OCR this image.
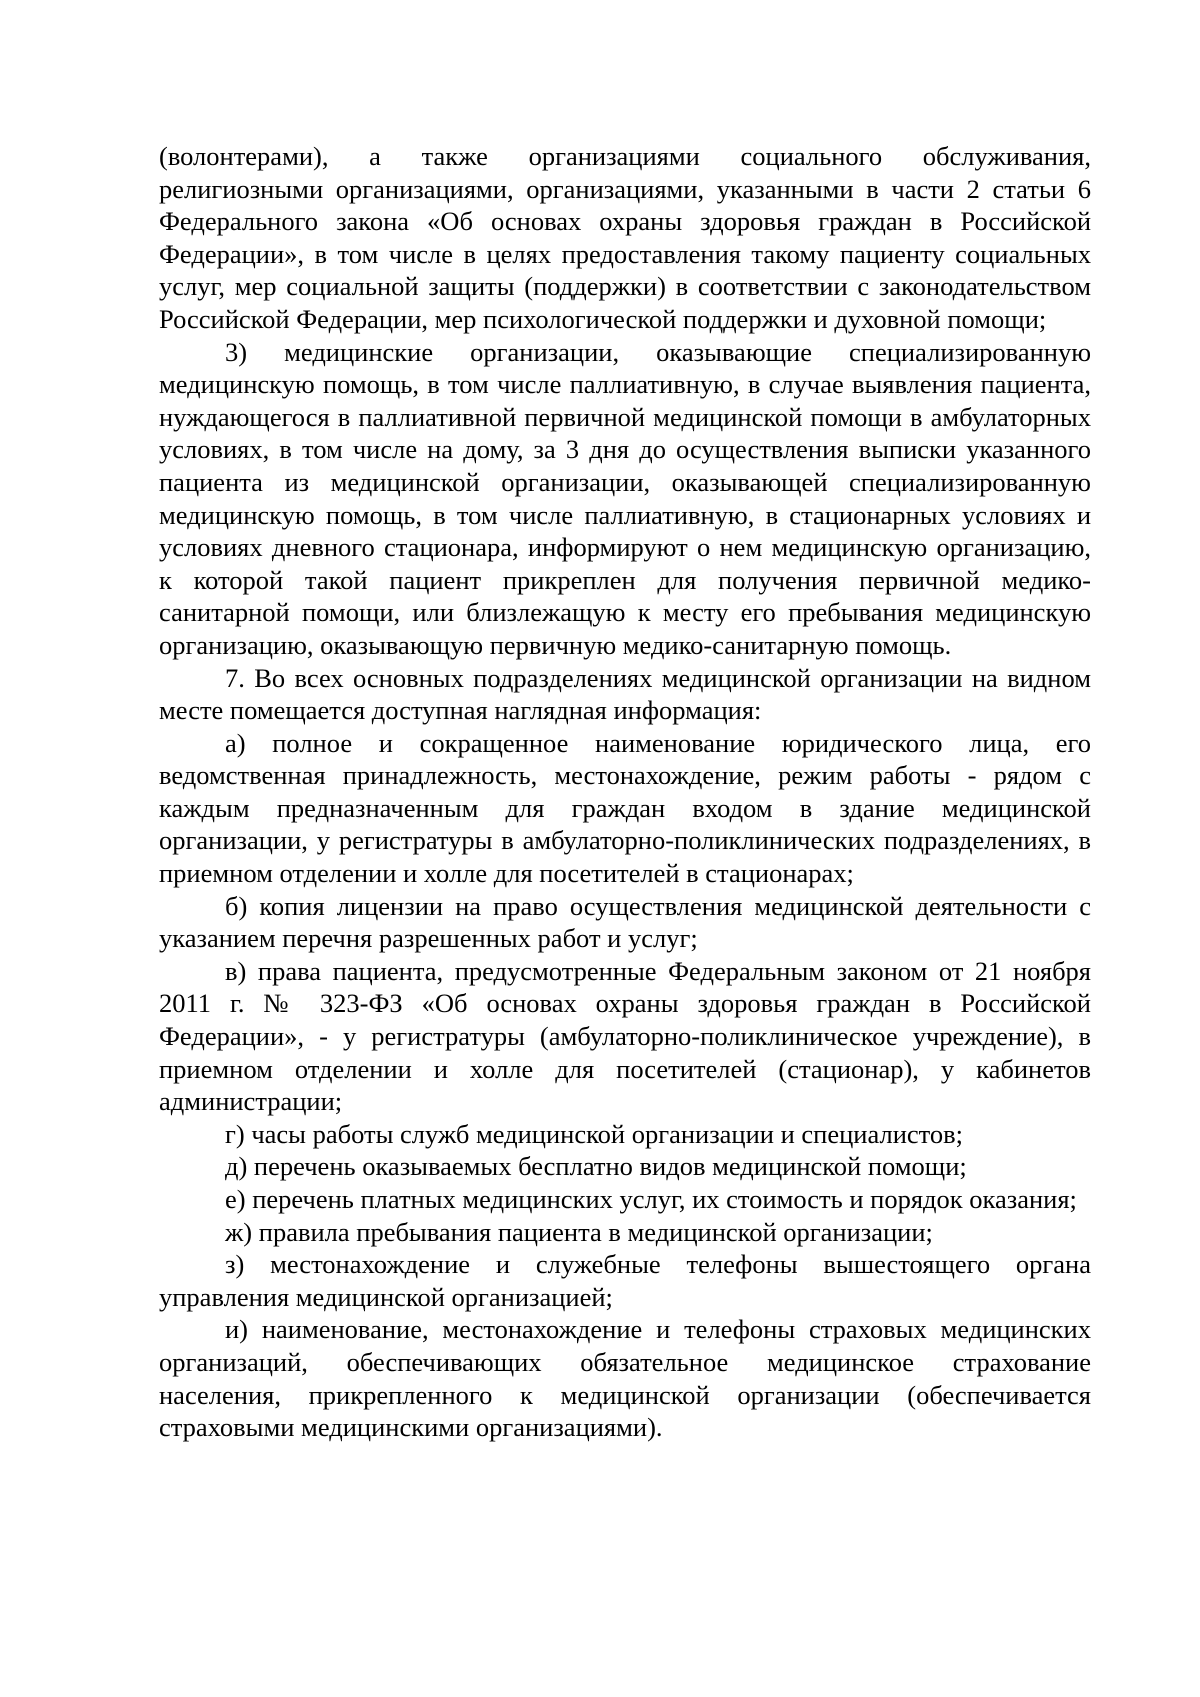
(волонтерами), а также организациями социального обслуживания, религиозными организациями, организациями, указанными в части 2 статьи 6 Федерального закона «Об основах охраны здоровья граждан в Российской Федерации», в том числе в целях предоставления такому пациенту социальных услуг, мер социальной защиты (поддержки) в соответствии с законодательством Российской Федерации, мер психологической поддержки и духовной помощи;

3) медицинские организации, оказывающие специализированную медицинскую помощь, в том числе паллиативную, в случае выявления пациента, нуждающегося в паллиативной первичной медицинской помощи в амбулаторных условиях, в том числе на дому, за 3 дня до осуществления выписки указанного пациента из медицинской организации, оказывающей специализированную медицинскую помощь, в том числе паллиативную, в стационарных условиях и условиях дневного стационара, информируют о нем медицинскую организацию, к которой такой пациент прикреплен для получения первичной медико-санитарной помощи, или близлежащую к месту его пребывания медицинскую организацию, оказывающую первичную медико-санитарную помощь.

7. Во всех основных подразделениях медицинской организации на видном месте помещается доступная наглядная информация:

а) полное и сокращенное наименование юридического лица, его ведомственная принадлежность, местонахождение, режим работы - рядом с каждым предназначенным для граждан входом в здание медицинской организации, у регистратуры в амбулаторно-поликлинических подразделениях, в приемном отделении и холле для посетителей в стационарах;

б) копия лицензии на право осуществления медицинской деятельности с указанием перечня разрешенных работ и услуг;

в) права пациента, предусмотренные Федеральным законом от 21 ноября 2011 г. № 323-ФЗ «Об основах охраны здоровья граждан в Российской Федерации», - у регистратуры (амбулаторно-поликлиническое учреждение), в приемном отделении и холле для посетителей (стационар), у кабинетов администрации;

г) часы работы служб медицинской организации и специалистов;

д) перечень оказываемых бесплатно видов медицинской помощи;

е) перечень платных медицинских услуг, их стоимость и порядок оказания;

ж) правила пребывания пациента в медицинской организации;

з) местонахождение и служебные телефоны вышестоящего органа управления медицинской организацией;

и) наименование, местонахождение и телефоны страховых медицинских организаций, обеспечивающих обязательное медицинское страхование населения, прикрепленного к медицинской организации (обеспечивается страховыми медицинскими организациями).
